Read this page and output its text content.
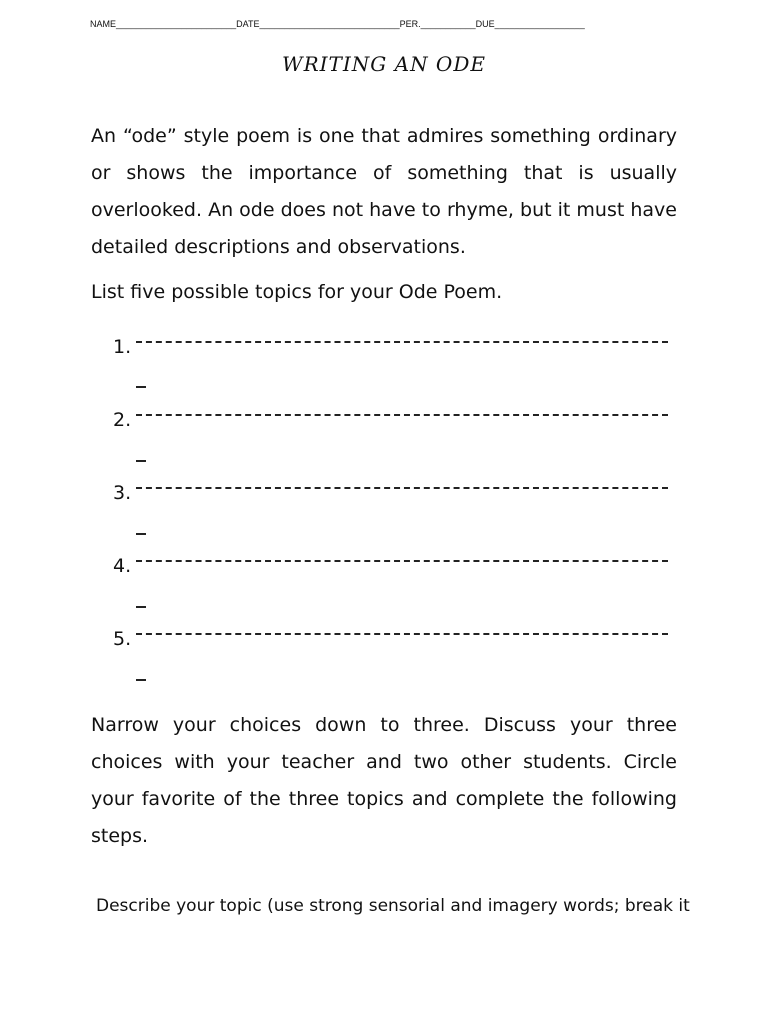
NAME________________________DATE____________________________PER.___________DUE__________________
WRITING AN ODE
An “ode” style poem is one that admires something ordinary or shows the importance of something that is usually overlooked. An ode does not have to rhyme, but it must have detailed descriptions and observations.
List five possible topics for your Ode Poem.
1.
2.
3.
4.
5.
Narrow your choices down to three. Discuss your three choices with your teacher and two other students. Circle your favorite of the three topics and complete the following steps.
Describe your topic (use strong sensorial and imagery words; break it
